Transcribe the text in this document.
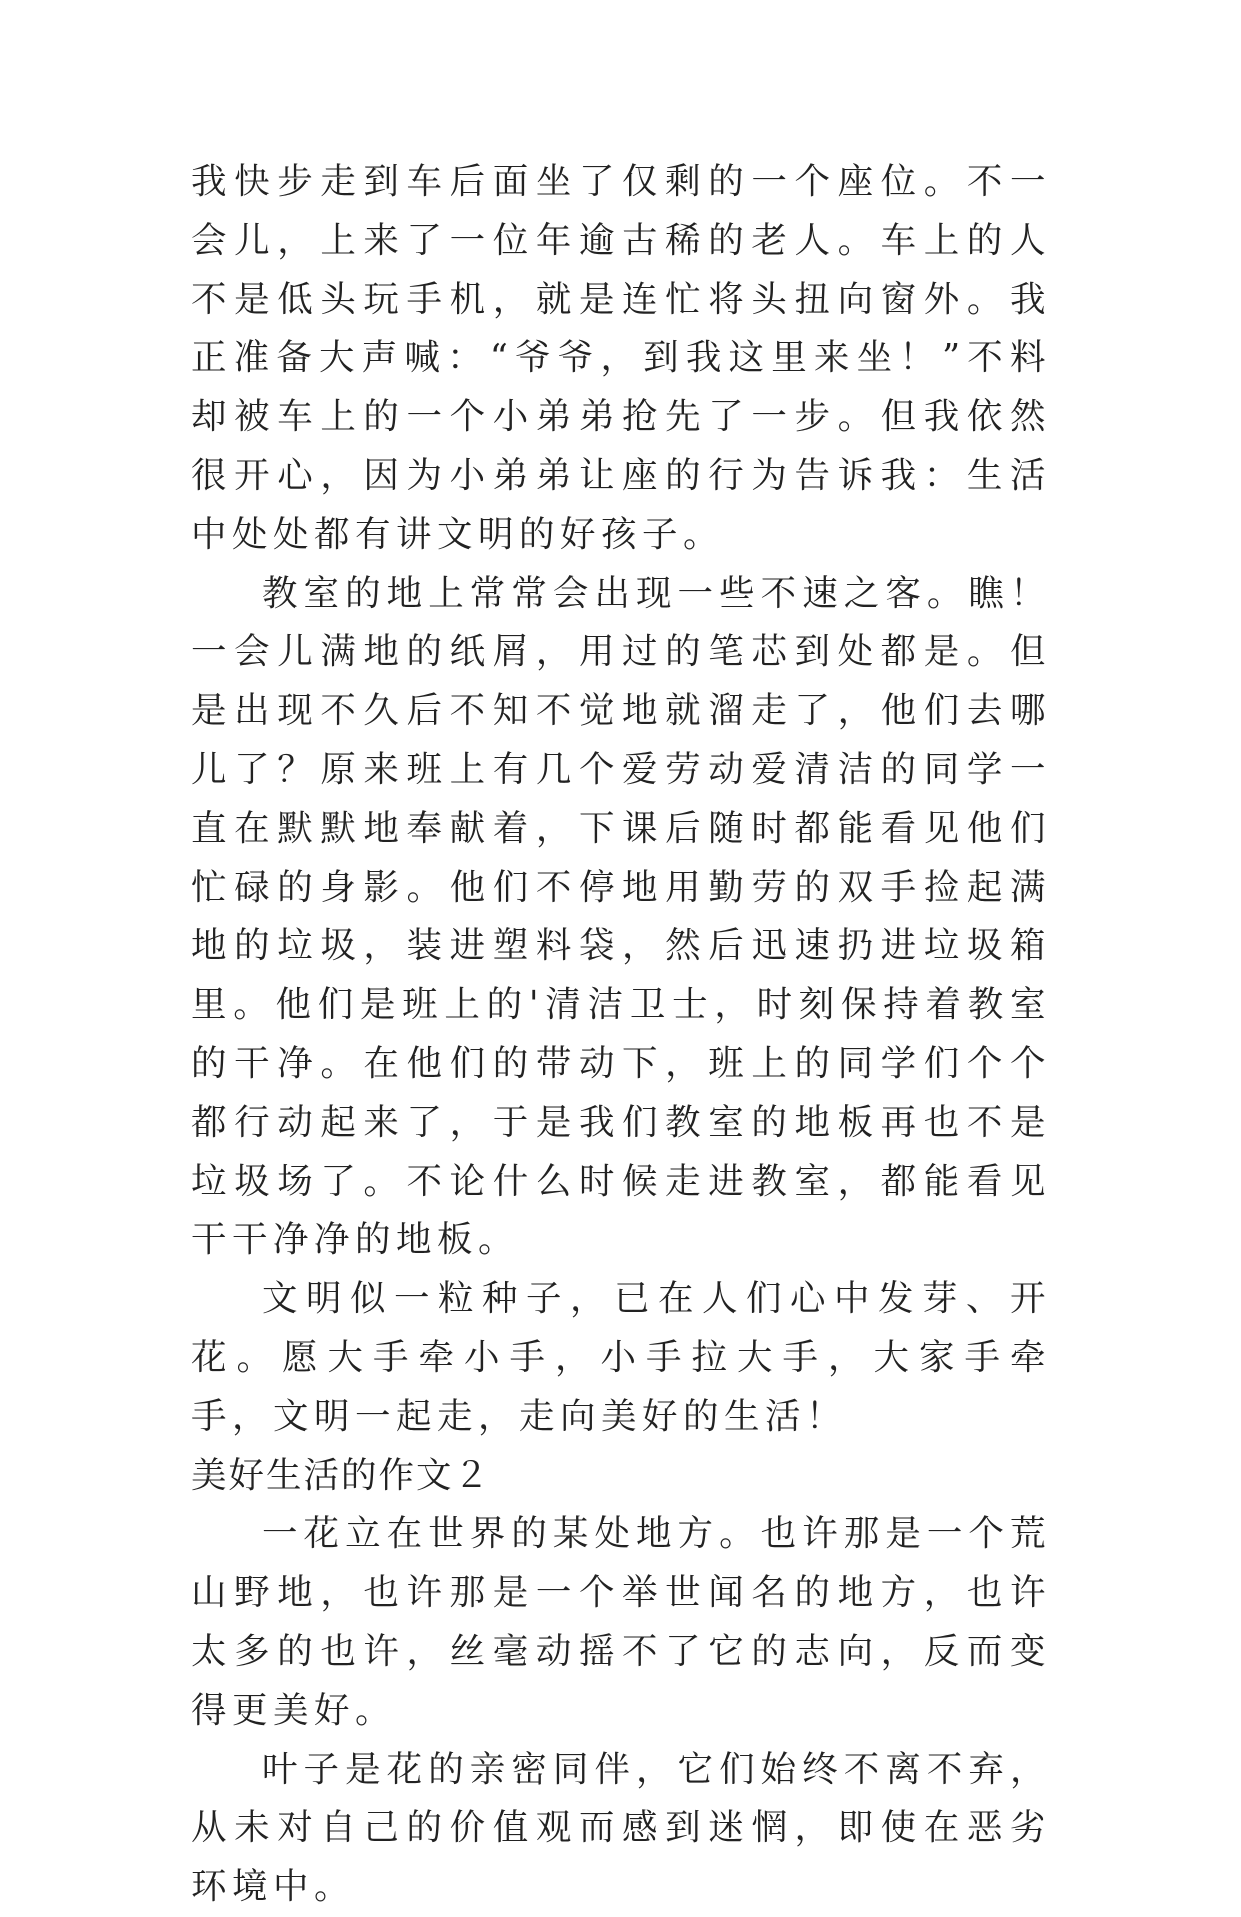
我快步走到车后面坐了仅剩的一个座位。不一会儿，上来了一位年逾古稀的老人。车上的人不是低头玩手机，就是连忙将头扭向窗外。我正准备大声喊：“爷爷，到我这里来坐！”不料却被车上的一个小弟弟抢先了一步。但我依然很开心，因为小弟弟让座的行为告诉我：生活中处处都有讲文明的好孩子。

教室的地上常常会出现一些不速之客。瞧！一会儿满地的纸屑，用过的笔芯到处都是。但是出现不久后不知不觉地就溜走了，他们去哪儿了？原来班上有几个爱劳动爱清洁的同学一直在默默地奉献着，下课后随时都能看见他们忙碌的身影。他们不停地用勤劳的双手捡起满地的垃圾，装进塑料袋，然后迅速扔进垃圾箱里。他们是班上的'清洁卫士，时刻保持着教室的干净。在他们的带动下，班上的同学们个个都行动起来了，于是我们教室的地板再也不是垃圾场了。不论什么时候走进教室，都能看见干干净净的地板。

文明似一粒种子，已在人们心中发芽、开花。愿大手牵小手，小手拉大手，大家手牵手，文明一起走，走向美好的生活！

美好生活的作文２

一花立在世界的某处地方。也许那是一个荒山野地，也许那是一个举世闻名的地方，也许太多的也许，丝毫动摇不了它的志向，反而变得更美好。

叶子是花的亲密同伴，它们始终不离不弃，从未对自己的价值观而感到迷惘，即使在恶劣环境中。
